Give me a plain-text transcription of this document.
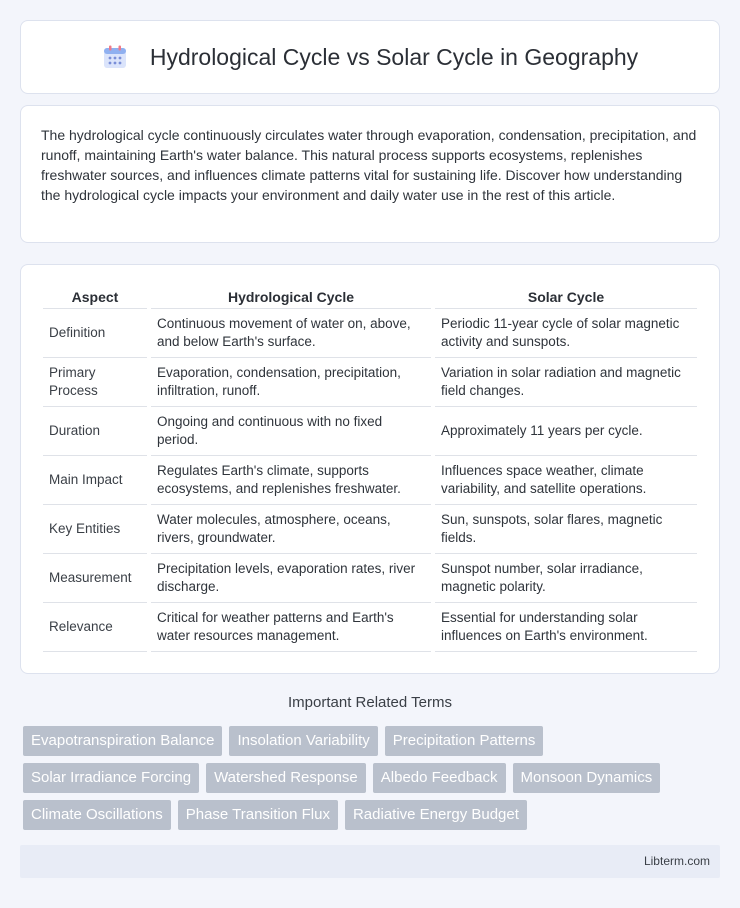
Hydrological Cycle vs Solar Cycle in Geography

The hydrological cycle continuously circulates water through evaporation, condensation, precipitation, and runoff, maintaining Earth's water balance. This natural process supports ecosystems, replenishes freshwater sources, and influences climate patterns vital for sustaining life. Discover how understanding the hydrological cycle impacts your environment and daily water use in the rest of this article.

Aspect	Hydrological Cycle	Solar Cycle
Definition	Continuous movement of water on, above, and below Earth's surface.	Periodic 11-year cycle of solar magnetic activity and sunspots.
Primary Process	Evaporation, condensation, precipitation, infiltration, runoff.	Variation in solar radiation and magnetic field changes.
Duration	Ongoing and continuous with no fixed period.	Approximately 11 years per cycle.
Main Impact	Regulates Earth's climate, supports ecosystems, and replenishes freshwater.	Influences space weather, climate variability, and satellite operations.
Key Entities	Water molecules, atmosphere, oceans, rivers, groundwater.	Sun, sunspots, solar flares, magnetic fields.
Measurement	Precipitation levels, evaporation rates, river discharge.	Sunspot number, solar irradiance, magnetic polarity.
Relevance	Critical for weather patterns and Earth's water resources management.	Essential for understanding solar influences on Earth's environment.
Important Related Terms
Evapotranspiration Balance	Insolation Variability	Precipitation Patterns
Solar Irradiance Forcing	Watershed Response	Albedo Feedback	Monsoon Dynamics
Climate Oscillations	Phase Transition Flux	Radiative Energy Budget
Libterm.com
